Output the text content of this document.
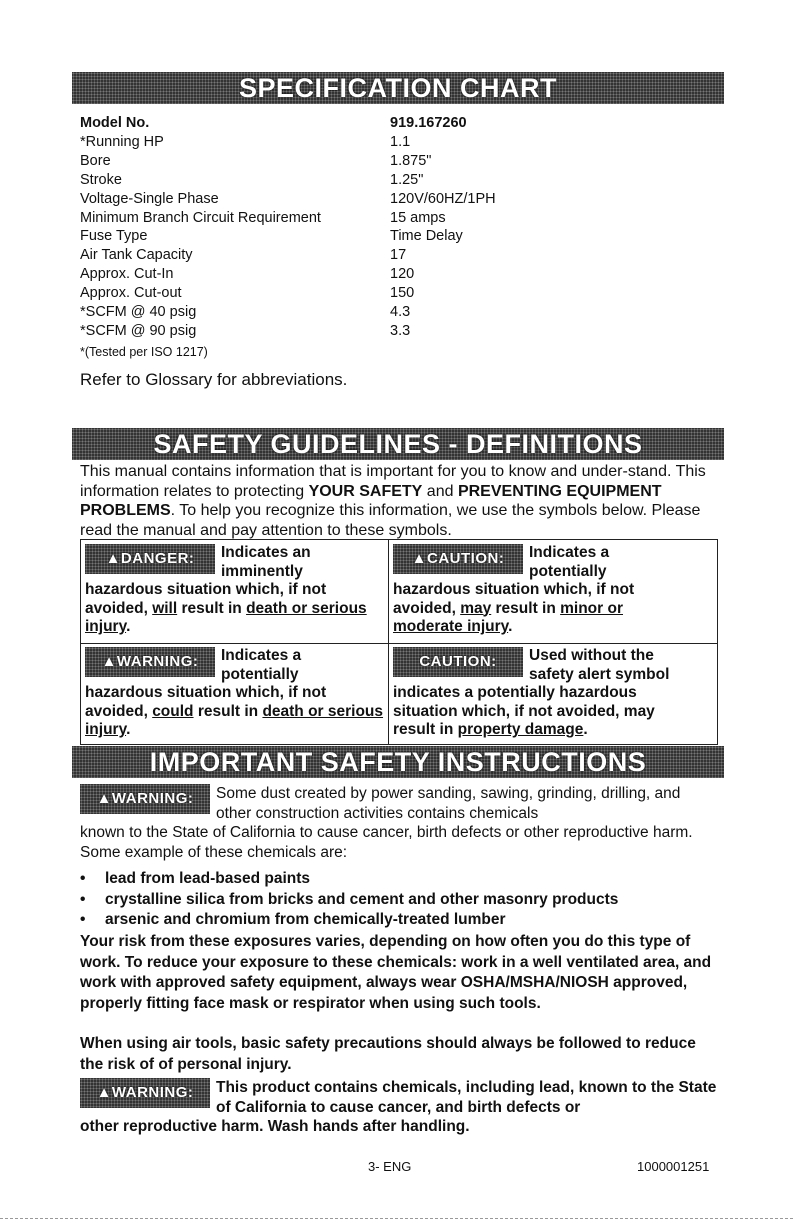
SPECIFICATION CHART
Model No.	919.167260
*Running HP	1.1
Bore	1.875"
Stroke	1.25"
Voltage-Single Phase	120V/60HZ/1PH
Minimum Branch Circuit Requirement	15 amps
Fuse Type	Time Delay
Air Tank Capacity	17
Approx. Cut-In	120
Approx. Cut-out	150
*SCFM @ 40 psig	4.3
*SCFM @ 90 psig	3.3
*(Tested per ISO 1217)
Refer to Glossary for abbreviations.
SAFETY GUIDELINES - DEFINITIONS
This manual contains information that is important for you to know and under-stand. This information relates to protecting YOUR SAFETY and PREVENTING EQUIPMENT PROBLEMS. To help you recognize this information, we use the symbols below. Please read the manual and pay attention to these symbols.
▲DANGER:	Indicates an imminently
hazardous situation which, if not avoided, will result in death or serious injury.
▲CAUTION:	Indicates a potentially
hazardous situation which, if not avoided, may result in minor or moderate injury.
▲WARNING:	Indicates a potentially
hazardous situation which, if not avoided, could result in death or serious injury.
CAUTION:	Used without the safety alert symbol
indicates a potentially hazardous situation which, if not avoided, may result in property damage.
IMPORTANT SAFETY INSTRUCTIONS
▲WARNING:	Some dust created by power sanding, sawing, grinding, drilling, and other construction activities contains chemicals
known to the State of California to cause cancer, birth defects or other reproductive harm. Some example of these chemicals are:
•	lead from lead-based paints
•	crystalline silica from bricks and cement and other masonry products
•	arsenic and chromium from chemically-treated lumber
Your risk from these exposures varies, depending on how often you do this type of work. To reduce your exposure to these chemicals: work in a well ventilated area, and work with approved safety equipment, always wear OSHA/MSHA/NIOSH approved, properly fitting face mask or respirator when using such tools.
When using air tools, basic safety precautions should always be followed to reduce the risk of of personal injury.
▲WARNING:	This product contains chemicals, including lead, known to the State of California to cause cancer, and birth defects or
other reproductive harm. Wash hands after handling.
3- ENG	1000001251
